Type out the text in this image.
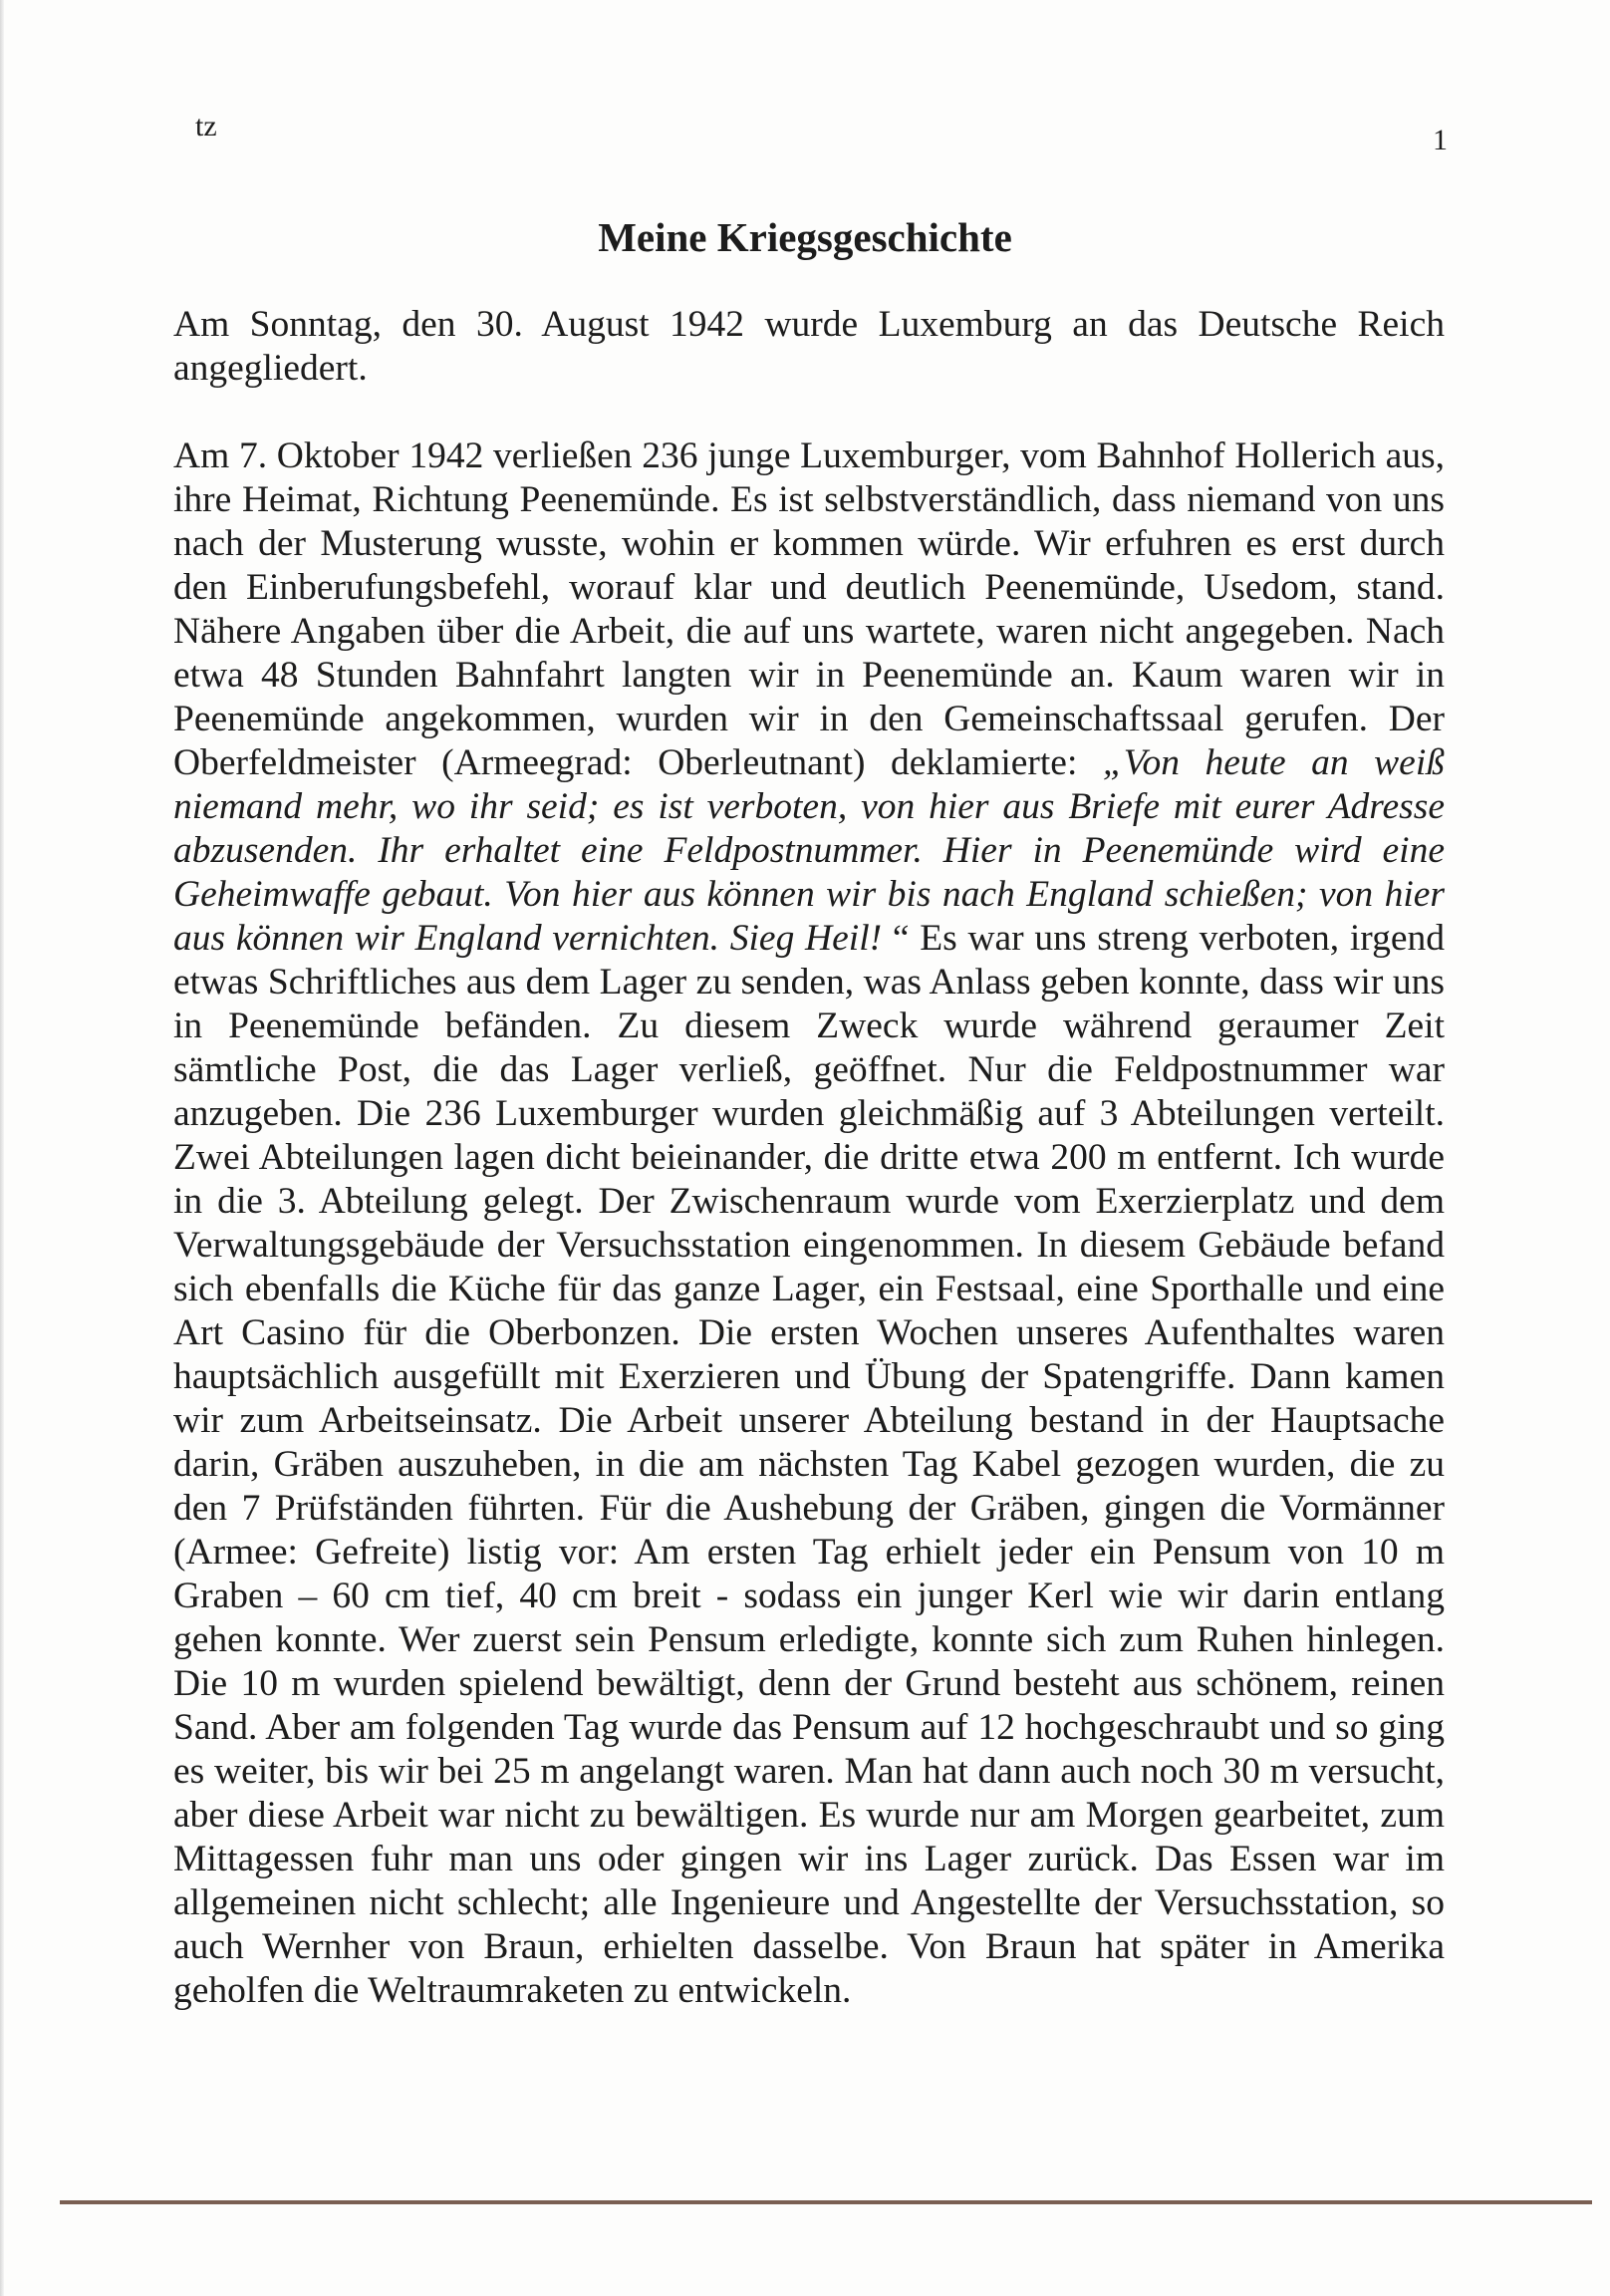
tz	1
Meine Kriegsgeschichte

Am Sonntag, den 30. August 1942 wurde Luxemburg an das Deutsche Reich angegliedert.

Am 7. Oktober 1942 verließen 236 junge Luxemburger, vom Bahnhof Hollerich aus, ihre Heimat, Richtung Peenemünde. Es ist selbstverständlich, dass niemand von uns nach der Musterung wusste, wohin er kommen würde. Wir erfuhren es erst durch den Einberufungsbefehl, worauf klar und deutlich Peenemünde, Usedom, stand. Nähere Angaben über die Arbeit, die auf uns wartete, waren nicht angegeben. Nach etwa 48 Stunden Bahnfahrt langten wir in Peenemünde an. Kaum waren wir in Peenemünde angekommen, wurden wir in den Gemeinschaftssaal gerufen. Der Oberfeldmeister (Armeegrad: Oberleutnant) deklamierte: „Von heute an weiß niemand mehr, wo ihr seid; es ist verboten, von hier aus Briefe mit eurer Adresse abzusenden. Ihr erhaltet eine Feldpostnummer. Hier in Peenemünde wird eine Geheimwaffe gebaut. Von hier aus können wir bis nach England schießen; von hier aus können wir England vernichten. Sieg Heil! “ Es war uns streng verboten, irgend etwas Schriftliches aus dem Lager zu senden, was Anlass geben konnte, dass wir uns in Peenemünde befänden. Zu diesem Zweck wurde während geraumer Zeit sämtliche Post, die das Lager verließ, geöffnet. Nur die Feldpostnummer war anzugeben. Die 236 Luxemburger wurden gleichmäßig auf 3 Abteilungen verteilt. Zwei Abteilungen lagen dicht beieinander, die dritte etwa 200 m entfernt. Ich wurde in die 3. Abteilung gelegt. Der Zwischenraum wurde vom Exerzierplatz und dem Verwaltungsgebäude der Versuchsstation eingenommen. In diesem Gebäude befand sich ebenfalls die Küche für das ganze Lager, ein Festsaal, eine Sporthalle und eine Art Casino für die Oberbonzen. Die ersten Wochen unseres Aufenthaltes waren hauptsächlich ausgefüllt mit Exerzieren und Übung der Spatengriffe. Dann kamen wir zum Arbeitseinsatz. Die Arbeit unserer Abteilung bestand in der Hauptsache darin, Gräben auszuheben, in die am nächsten Tag Kabel gezogen wurden, die zu den 7 Prüfständen führten. Für die Aushebung der Gräben, gingen die Vormänner (Armee: Gefreite) listig vor: Am ersten Tag erhielt jeder ein Pensum von 10 m Graben – 60 cm tief, 40 cm breit - sodass ein junger Kerl wie wir darin entlang gehen konnte. Wer zuerst sein Pensum erledigte, konnte sich zum Ruhen hinlegen. Die 10 m wurden spielend bewältigt, denn der Grund besteht aus schönem, reinen Sand. Aber am folgenden Tag wurde das Pensum auf 12 hochgeschraubt und so ging es weiter, bis wir bei 25 m angelangt waren. Man hat dann auch noch 30 m versucht, aber diese Arbeit war nicht zu bewältigen. Es wurde nur am Morgen gearbeitet, zum Mittagessen fuhr man uns oder gingen wir ins Lager zurück. Das Essen war im allgemeinen nicht schlecht; alle Ingenieure und Angestellte der Versuchsstation, so auch Wernher von Braun, erhielten dasselbe. Von Braun hat später in Amerika geholfen die Weltraumraketen zu entwickeln.
